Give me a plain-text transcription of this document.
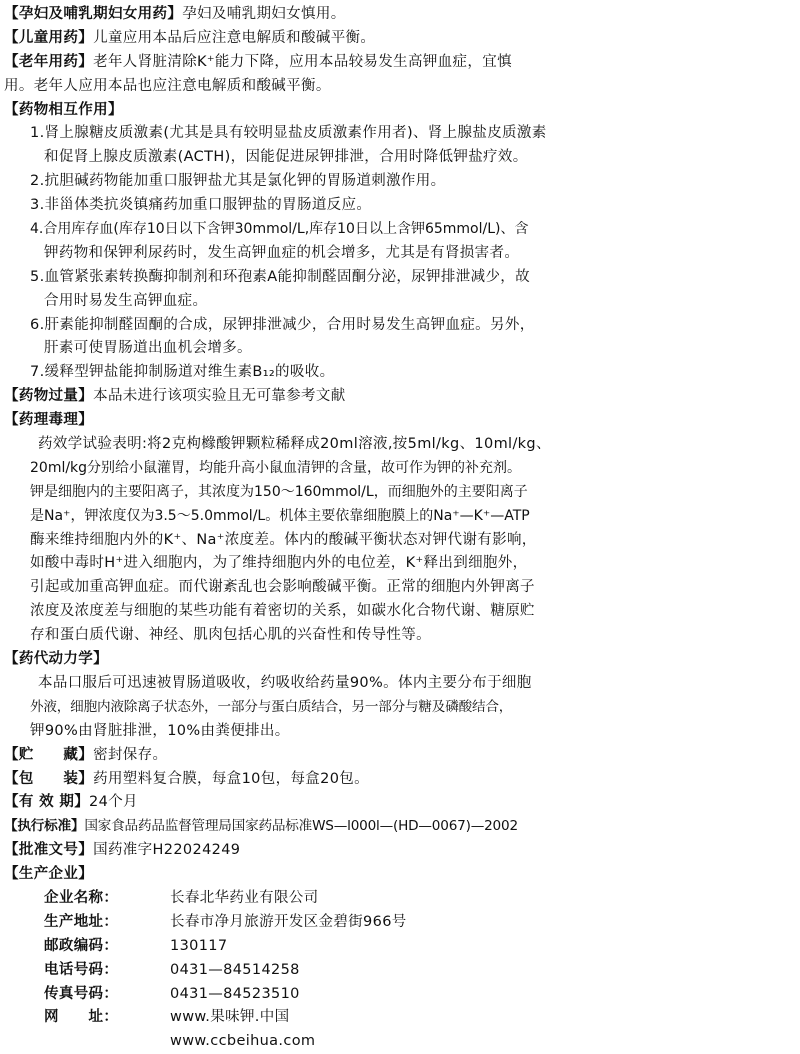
【孕妇及哺乳期妇女用药】孕妇及哺乳期妇女慎用。
【儿童用药】儿童应用本品后应注意电解质和酸碱平衡。
【老年用药】老年人肾脏清除K⁺能力下降，应用本品较易发生高钾血症，宜慎
用。老年人应用本品也应注意电解质和酸碱平衡。
【药物相互作用】
1.肾上腺糖皮质激素(尤其是具有较明显盐皮质激素作用者)、肾上腺盐皮质激素
和促肾上腺皮质激素(ACTH)，因能促进尿钾排泄，合用时降低钾盐疗效。
2.抗胆碱药物能加重口服钾盐尤其是氯化钾的胃肠道刺激作用。
3.非甾体类抗炎镇痛药加重口服钾盐的胃肠道反应。
4.合用库存血(库存10日以下含钾30mmol/L,库存10日以上含钾65mmol/L)、含
钾药物和保钾利尿药时，发生高钾血症的机会增多，尤其是有肾损害者。
5.血管紧张素转换酶抑制剂和环孢素A能抑制醛固酮分泌，尿钾排泄减少，故
合用时易发生高钾血症。
6.肝素能抑制醛固酮的合成，尿钾排泄减少，合用时易发生高钾血症。另外，
肝素可使胃肠道出血机会增多。
7.缓释型钾盐能抑制肠道对维生素B₁₂的吸收。
【药物过量】本品未进行该项实验且无可靠参考文献
【药理毒理】
药效学试验表明:将2克枸橼酸钾颗粒稀释成20ml溶液,按5ml/kg、10ml/kg、
20ml/kg分别给小鼠灌胃，均能升高小鼠血清钾的含量，故可作为钾的补充剂。
钾是细胞内的主要阳离子，其浓度为150～160mmol/L，而细胞外的主要阳离子
是Na⁺，钾浓度仅为3.5～5.0mmol/L。机体主要依靠细胞膜上的Na⁺—K⁺—ATP
酶来维持细胞内外的K⁺、Na⁺浓度差。体内的酸碱平衡状态对钾代谢有影响，
如酸中毒时H⁺进入细胞内，为了维持细胞内外的电位差，K⁺释出到细胞外，
引起或加重高钾血症。而代谢紊乱也会影响酸碱平衡。正常的细胞内外钾离子
浓度及浓度差与细胞的某些功能有着密切的关系，如碳水化合物代谢、糖原贮
存和蛋白质代谢、神经、肌肉包括心肌的兴奋性和传导性等。
【药代动力学】
本品口服后可迅速被胃肠道吸收，约吸收给药量90%。体内主要分布于细胞
外液，细胞内液除离子状态外，一部分与蛋白质结合，另一部分与糖及磷酸结合，
钾90%由肾脏排泄，10%由粪便排出。
【贮　　藏】密封保存。
【包　　装】药用塑料复合膜，每盒10包，每盒20包。
【有 效 期】24个月
【执行标准】国家食品药品监督管理局国家药品标准WS—l000l—(HD—0067)—2002
【批准文号】国药准字H22024249
【生产企业】
企业名称：	长春北华药业有限公司
生产地址：	长春市净月旅游开发区金碧街966号
邮政编码：	130117
电话号码：	0431—84514258
传真号码：	0431—84523510
网　　址：	www.果味钾.中国
www.ccbeihua.com
